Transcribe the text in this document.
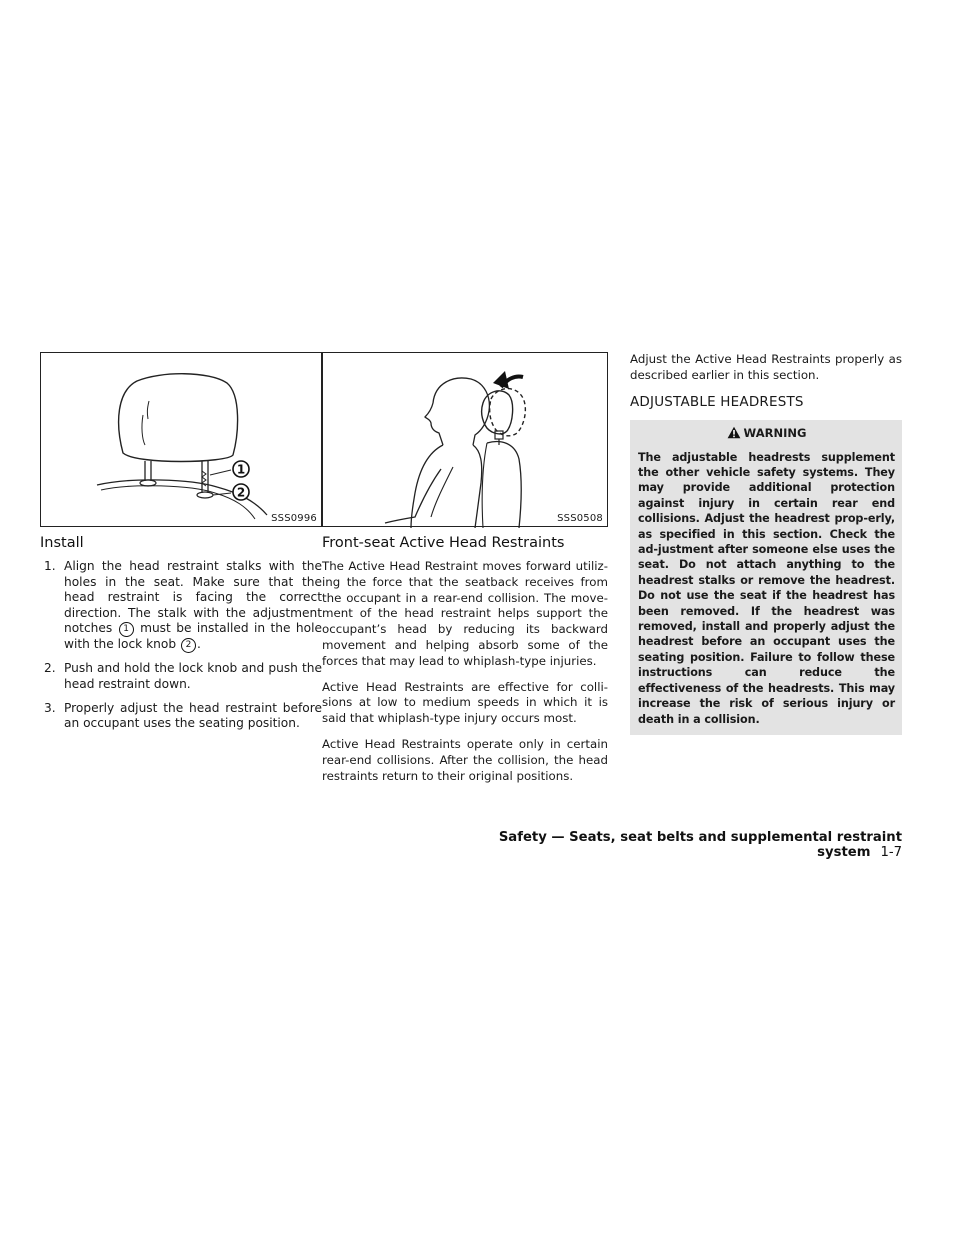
1
2
SSS0996
Install
1. Align the head restraint stalks with the holes in the seat. Make sure that the head restraint is facing the correct direction. The stalk with the adjustment notches 1 must be installed in the hole with the lock knob 2 .
2. Push and hold the lock knob and push the head restraint down.
3. Properly adjust the head restraint before an occupant uses the seating position.
SSS0508
Front-seat Active Head Restraints

The Active Head Restraint moves forward utiliz-ing the force that the seatback receives from the occupant in a rear-end collision. The move-ment of the head restraint helps support the occupant’s head by reducing its backward movement and helping absorb some of the forces that may lead to whiplash-type injuries.

Active Head Restraints are effective for colli-sions at low to medium speeds in which it is said that whiplash-type injury occurs most.

Active Head Restraints operate only in certain rear-end collisions. After the collision, the head restraints return to their original positions.

Adjust the Active Head Restraints properly as described earlier in this section.

ADJUSTABLE HEADRESTS
WARNING
The adjustable headrests supplement the other vehicle safety systems. They may provide additional protection against injury in certain rear end collisions. Adjust the headrest prop-erly, as specified in this section. Check the ad-justment after someone else uses the seat. Do not attach anything to the headrest stalks or remove the headrest. Do not use the seat if the headrest has been removed. If the headrest was removed, install and properly adjust the headrest before an occupant uses the seating position. Failure to follow these instructions can reduce the effectiveness of the headrests. This may increase the risk of serious injury or death in a collision.
Safety — Seats, seat belts and supplemental restraint system 1-7
